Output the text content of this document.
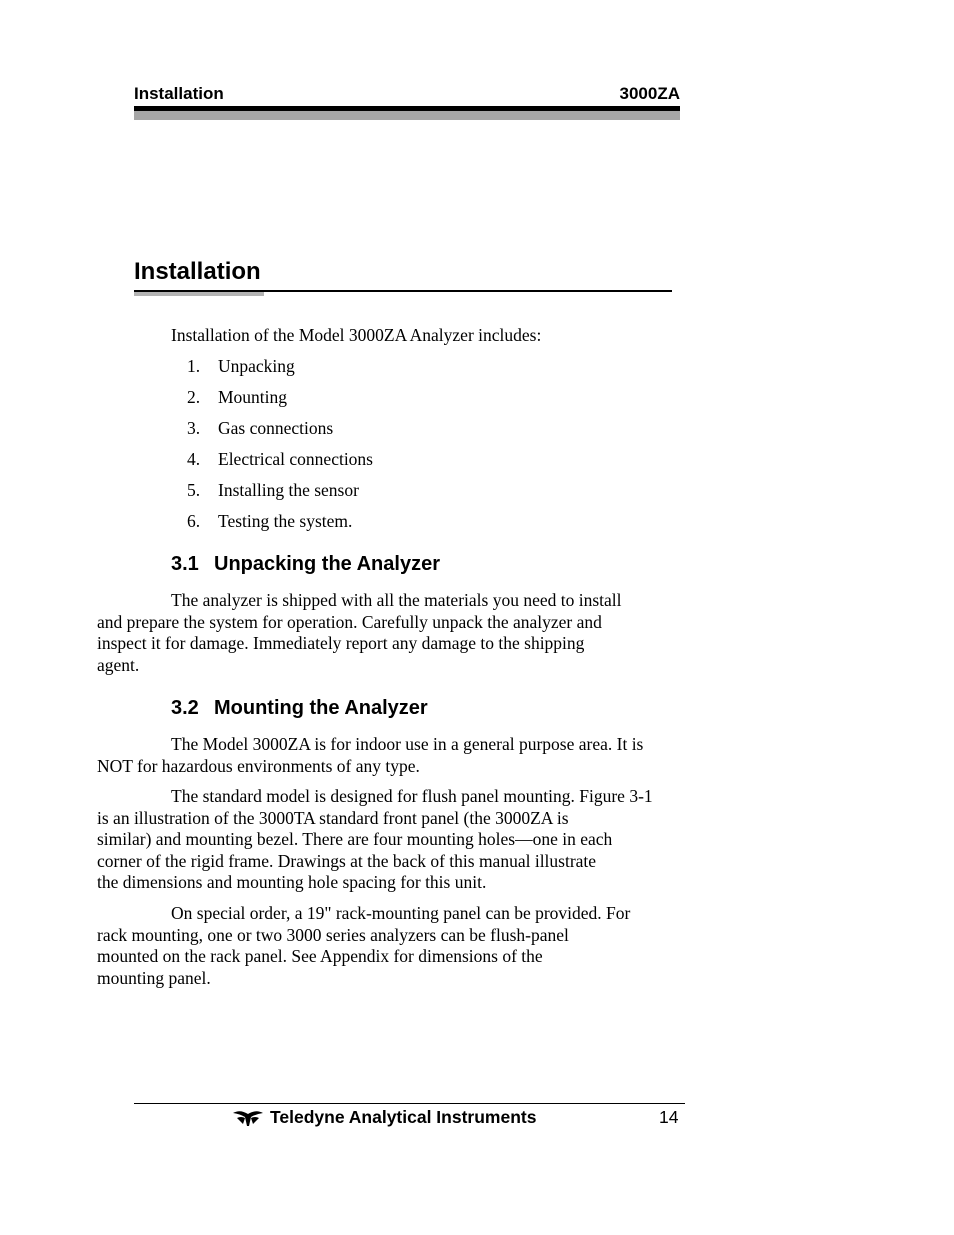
Installation	3000ZA
Installation
Installation of the Model 3000ZA Analyzer includes:
1.	Unpacking
2.	Mounting
3.	Gas connections
4.	Electrical connections
5.	Installing the sensor
6.	Testing the system.
3.1 Unpacking the Analyzer
The analyzer is shipped with all the materials you need to install
and prepare the system for operation. Carefully unpack the analyzer and
inspect it for damage. Immediately report any damage to the shipping
agent.
3.2 Mounting the Analyzer
The Model 3000ZA is for indoor use in a general purpose area. It is
NOT for hazardous environments of any type.
The standard model is designed for flush panel mounting. Figure 3-1
is an illustration of the 3000TA standard front panel (the 3000ZA is
similar) and mounting bezel. There are four mounting holes—one in each
corner of the rigid frame. Drawings at the back of this manual illustrate
the dimensions and mounting hole spacing for this unit.
On special order, a 19" rack-mounting panel can be provided. For
rack mounting, one or two 3000 series analyzers can be flush-panel
mounted on the rack panel. See Appendix for dimensions of the
mounting panel.
Teledyne Analytical Instruments	14
